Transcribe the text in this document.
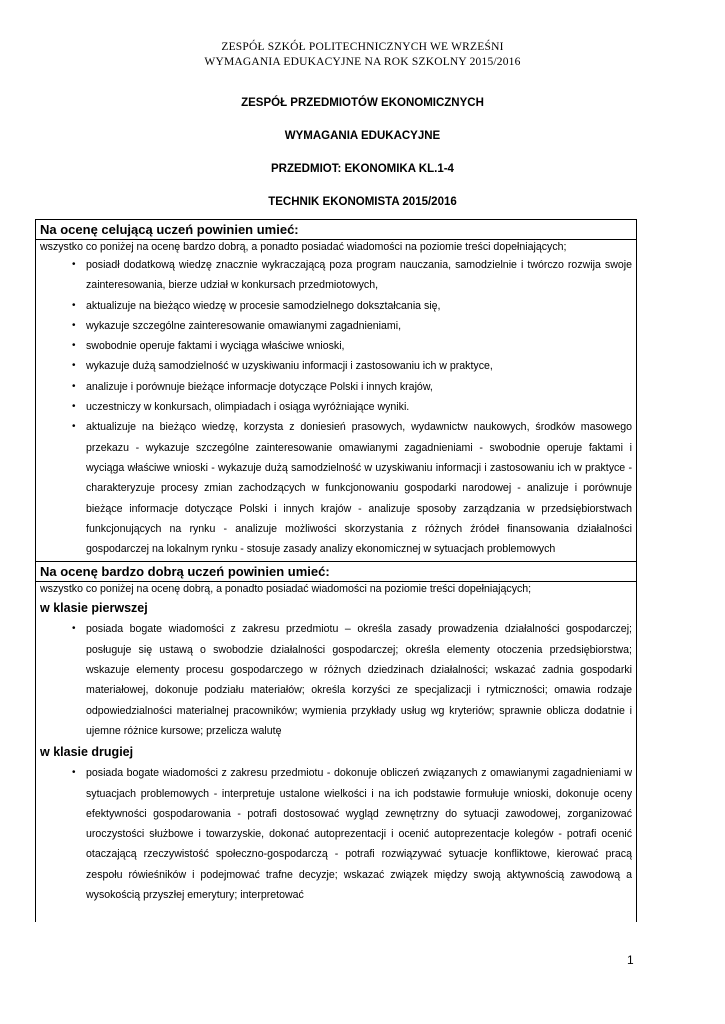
ZESPÓŁ SZKÓŁ POLITECHNICZNYCH WE WRZEŚNI
WYMAGANIA EDUKACYJNE NA ROK SZKOLNY 2015/2016
ZESPÓŁ PRZEDMIOTÓW EKONOMICZNYCH
WYMAGANIA EDUKACYJNE
PRZEDMIOT: EKONOMIKA KL.1-4
TECHNIK EKONOMISTA 2015/2016
Na ocenę celującą uczeń powinien umieć:
wszystko co poniżej na ocenę bardzo dobrą, a ponadto posiadać wiadomości na poziomie treści dopełniających;
• posiadł dodatkową wiedzę znacznie wykraczającą poza program nauczania, samodzielnie i twórczo rozwija swoje zainteresowania, bierze udział w konkursach przedmiotowych,
• aktualizuje na bieżąco wiedzę w procesie samodzielnego dokształcania się,
• wykazuje szczególne zainteresowanie omawianymi zagadnieniami,
• swobodnie operuje faktami i wyciąga właściwe wnioski,
• wykazuje dużą samodzielność w uzyskiwaniu informacji i zastosowaniu ich w praktyce,
• analizuje i porównuje bieżące informacje dotyczące Polski i innych krajów,
• uczestniczy w konkursach, olimpiadach i osiąga wyróżniające wyniki.
• aktualizuje na bieżąco wiedzę, korzysta z doniesień prasowych, wydawnictw naukowych, środków masowego przekazu - wykazuje szczególne zainteresowanie omawianymi zagadnieniami - swobodnie operuje faktami i wyciąga właściwe wnioski - wykazuje dużą samodzielność w uzyskiwaniu informacji i zastosowaniu ich w praktyce - charakteryzuje procesy zmian zachodzących w funkcjonowaniu gospodarki narodowej - analizuje i porównuje bieżące informacje dotyczące Polski i innych krajów - analizuje sposoby zarządzania w przedsiębiorstwach funkcjonujących na rynku - analizuje możliwości skorzystania z różnych źródeł finansowania działalności gospodarczej na lokalnym rynku - stosuje zasady analizy ekonomicznej w sytuacjach problemowych
Na ocenę bardzo dobrą uczeń powinien umieć:
wszystko co poniżej na ocenę dobrą, a ponadto posiadać wiadomości na poziomie treści dopełniających;
w klasie pierwszej
• posiada bogate wiadomości z zakresu przedmiotu – określa zasady prowadzenia działalności gospodarczej; posługuje się ustawą o swobodzie działalności gospodarczej; określa elementy otoczenia przedsiębiorstwa; wskazuje elementy procesu gospodarczego w różnych dziedzinach działalności; wskazać zadnia gospodarki materiałowej, dokonuje podziału materiałów; określa korzyści ze specjalizacji i rytmiczności; omawia rodzaje odpowiedzialności materialnej pracowników; wymienia przykłady usług wg kryteriów; sprawnie oblicza dodatnie i ujemne różnice kursowe; przelicza walutę
w klasie drugiej
• posiada bogate wiadomości z zakresu przedmiotu - dokonuje obliczeń związanych z omawianymi zagadnieniami w sytuacjach problemowych - interpretuje ustalone wielkości i na ich podstawie formułuje wnioski, dokonuje oceny efektywności gospodarowania - potrafi dostosować wygląd zewnętrzny do sytuacji zawodowej, zorganizować uroczystości służbowe i towarzyskie, dokonać autoprezentacji i ocenić autoprezentacje kolegów - potrafi ocenić otaczającą rzeczywistość społeczno-gospodarczą - potrafi rozwiązywać sytuacje konfliktowe, kierować pracą zespołu rówieśników i podejmować trafne decyzje; wskazać związek między swoją aktywnością zawodową a wysokością przyszłej emerytury; interpretować
1
